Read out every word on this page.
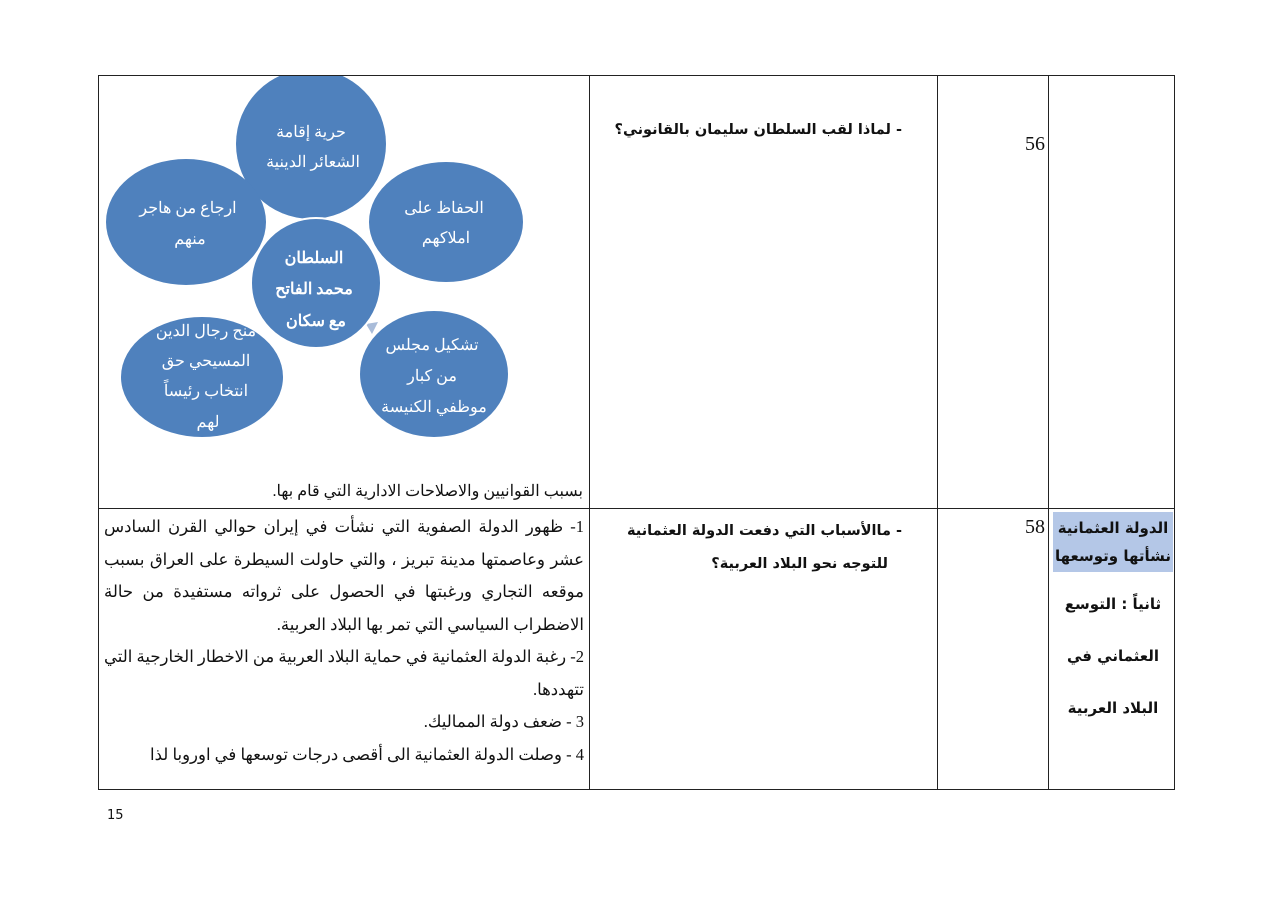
56
- لماذا لقب السلطان سليمان بالقانوني؟
حرية إقامة الشعائر الدينية
الحفاظ على املاكهم
تشكيل مجلس من كبار موظفي الكنيسة
ارجاع من هاجر منهم
السلطان محمد الفاتح مع سكان
منح رجال الدين المسيحي حق انتخاب رئيساً لهم
بسبب القوانيين والاصلاحات الادارية التي قام بها.
الدولة العثمانية
نشأتها وتوسعها
ثانياً : التوسع
العثماني في
البلاد العربية
58
- ماالأسباب التي دفعت الدولة العثمانية
للتوجه نحو البلاد العربية؟

1- ظهور الدولة الصفوية التي نشأت في إيران حوالي القرن السادس عشر وعاصمتها مدينة تبريز ، والتي حاولت السيطرة على العراق بسبب موقعه التجاري ورغبتها في الحصول على ثرواته مستفيدة من حالة الاضطراب السياسي التي تمر بها البلاد العربية.

2- رغبة الدولة العثمانية في حماية البلاد العربية من الاخطار الخارجية التي تتهددها.

3 - ضعف دولة المماليك.

4 - وصلت الدولة العثمانية الى أقصى درجات توسعها في اوروبا لذا

15
